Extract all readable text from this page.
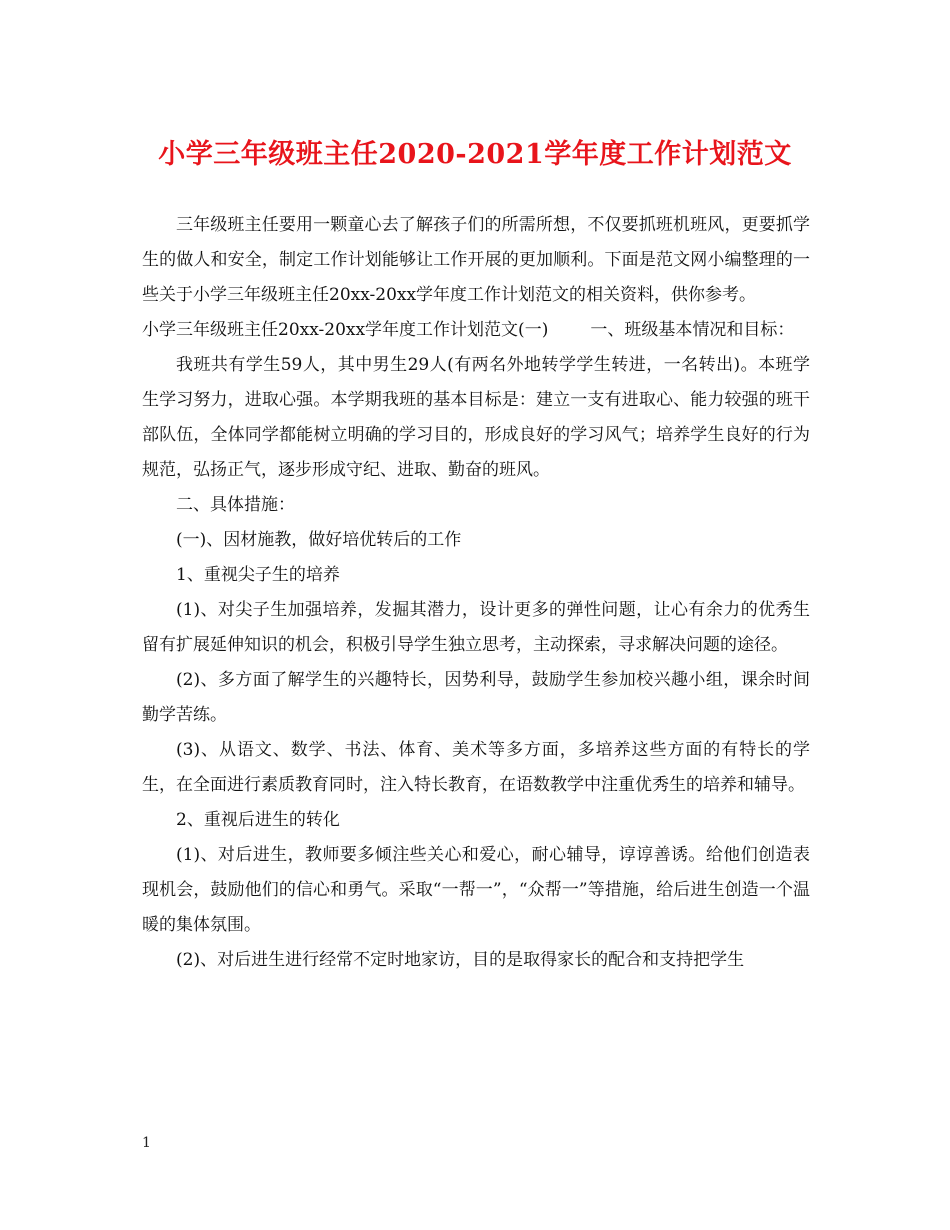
小学三年级班主任2020-2021学年度工作计划范文

三年级班主任要用一颗童心去了解孩子们的所需所想，不仅要抓班机班风，更要抓学生的做人和安全，制定工作计划能够让工作开展的更加顺利。下面是范文网小编整理的一些关于小学三年级班主任20xx-20xx学年度工作计划范文的相关资料，供你参考。

小学三年级班主任20xx-20xx学年度工作计划范文(一) 一、班级基本情况和目标：

我班共有学生59人，其中男生29人(有两名外地转学学生转进，一名转出)。本班学生学习努力，进取心强。本学期我班的基本目标是：建立一支有进取心、能力较强的班干部队伍，全体同学都能树立明确的学习目的，形成良好的学习风气；培养学生良好的行为规范，弘扬正气，逐步形成守纪、进取、勤奋的班风。

二、具体措施：

(一)、因材施教，做好培优转后的工作

1、重视尖子生的培养

(1)、对尖子生加强培养，发掘其潜力，设计更多的弹性问题，让心有余力的优秀生留有扩展延伸知识的机会，积极引导学生独立思考，主动探索，寻求解决问题的途径。

(2)、多方面了解学生的兴趣特长，因势利导，鼓励学生参加校兴趣小组，课余时间勤学苦练。

(3)、从语文、数学、书法、体育、美术等多方面，多培养这些方面的有特长的学生，在全面进行素质教育同时，注入特长教育，在语数教学中注重优秀生的培养和辅导。

2、重视后进生的转化

(1)、对后进生，教师要多倾注些关心和爱心，耐心辅导，谆谆善诱。给他们创造表现机会，鼓励他们的信心和勇气。采取“一帮一”，“众帮一”等措施，给后进生创造一个温暖的集体氛围。

(2)、对后进生进行经常不定时地家访，目的是取得家长的配合和支持把学生

1
